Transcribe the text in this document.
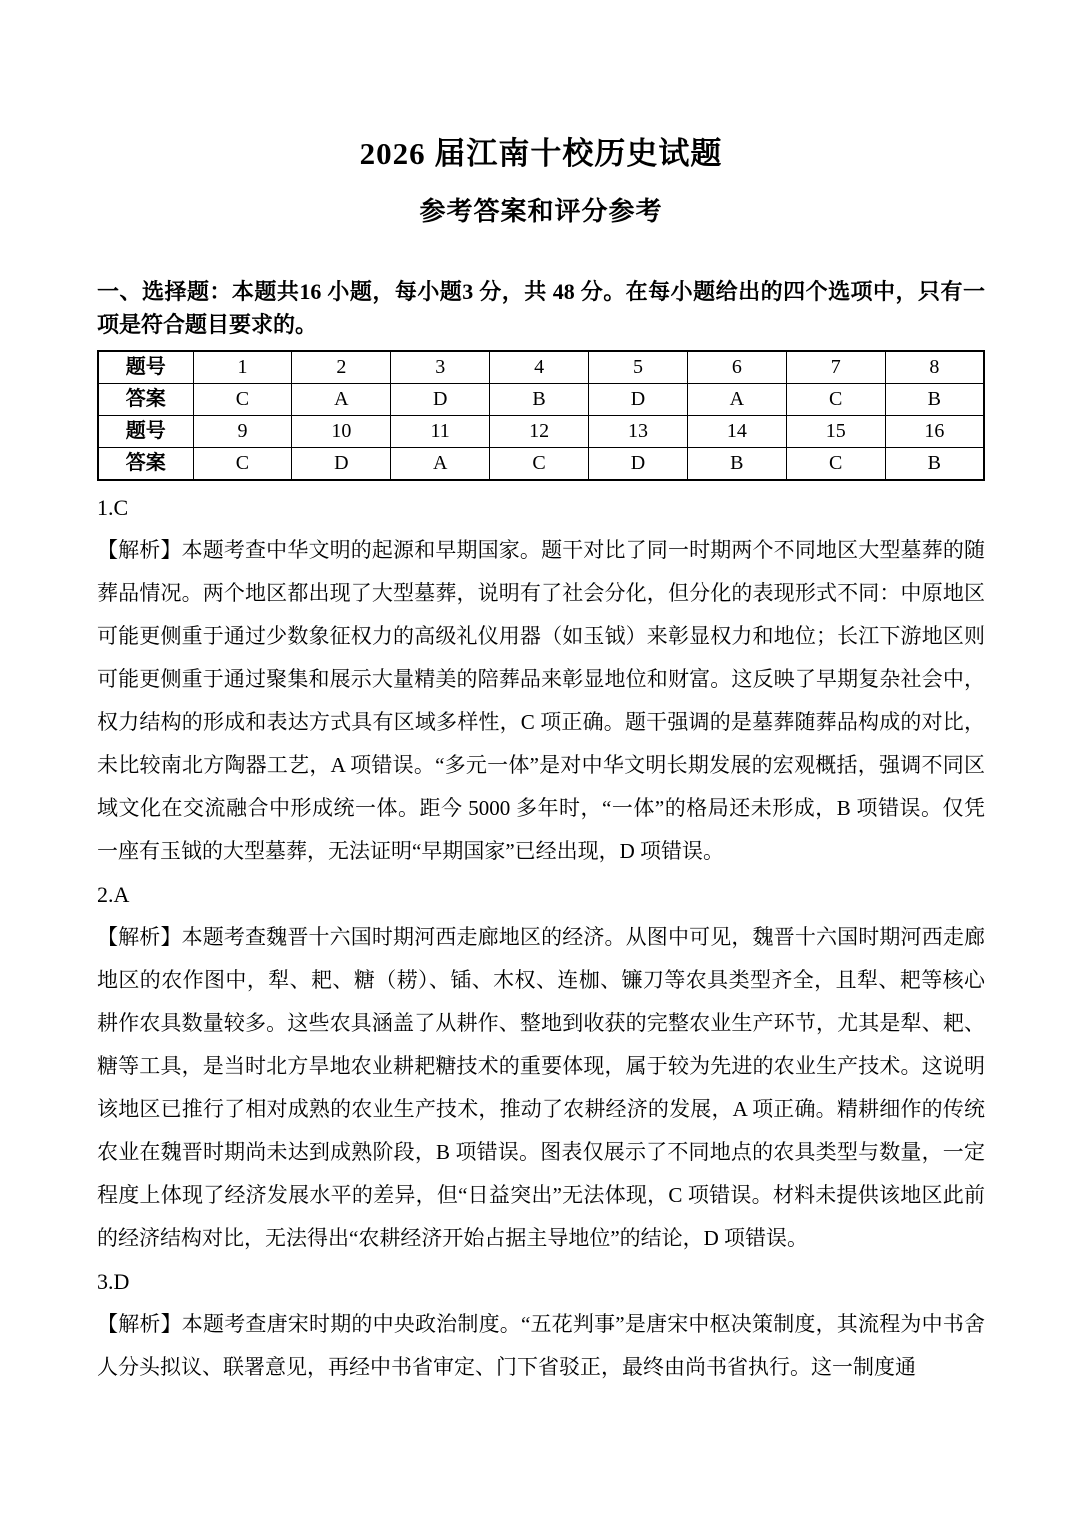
2026 届江南十校历史试题
参考答案和评分参考

一、选择题：本题共16 小题，每小题3 分，共 48 分。在每小题给出的四个选项中，只有一项是符合题目要求的。

题号	1	2	3	4	5	6	7	8
答案	C	A	D	B	D	A	C	B
题号	9	10	11	12	13	14	15	16
答案	C	D	A	C	D	B	C	B
1.C
【解析】本题考查中华文明的起源和早期国家。题干对比了同一时期两个不同地区大型墓葬的随葬品情况。两个地区都出现了大型墓葬，说明有了社会分化，但分化的表现形式不同：中原地区可能更侧重于通过少数象征权力的高级礼仪用器（如玉钺）来彰显权力和地位；长江下游地区则可能更侧重于通过聚集和展示大量精美的陪葬品来彰显地位和财富。这反映了早期复杂社会中，权力结构的形成和表达方式具有区域多样性，C 项正确。题干强调的是墓葬随葬品构成的对比，未比较南北方陶器工艺，A 项错误。“多元一体”是对中华文明长期发展的宏观概括，强调不同区域文化在交流融合中形成统一体。距今 5000 多年时，“一体”的格局还未形成，B 项错误。仅凭一座有玉钺的大型墓葬，无法证明“早期国家”已经出现，D 项错误。
2.A
【解析】本题考查魏晋十六国时期河西走廊地区的经济。从图中可见，魏晋十六国时期河西走廊地区的农作图中，犁、耙、糖（耢）、锸、木权、连枷、镰刀等农具类型齐全，且犁、耙等核心耕作农具数量较多。这些农具涵盖了从耕作、整地到收获的完整农业生产环节，尤其是犁、耙、糖等工具，是当时北方旱地农业耕耙糖技术的重要体现，属于较为先进的农业生产技术。这说明该地区已推行了相对成熟的农业生产技术，推动了农耕经济的发展，A 项正确。精耕细作的传统农业在魏晋时期尚未达到成熟阶段，B 项错误。图表仅展示了不同地点的农具类型与数量，一定程度上体现了经济发展水平的差异，但“日益突出”无法体现，C 项错误。材料未提供该地区此前的经济结构对比，无法得出“农耕经济开始占据主导地位”的结论，D 项错误。
3.D
【解析】本题考查唐宋时期的中央政治制度。“五花判事”是唐宋中枢决策制度，其流程为中书舍人分头拟议、联署意见，再经中书省审定、门下省驳正，最终由尚书省执行。这一制度通
